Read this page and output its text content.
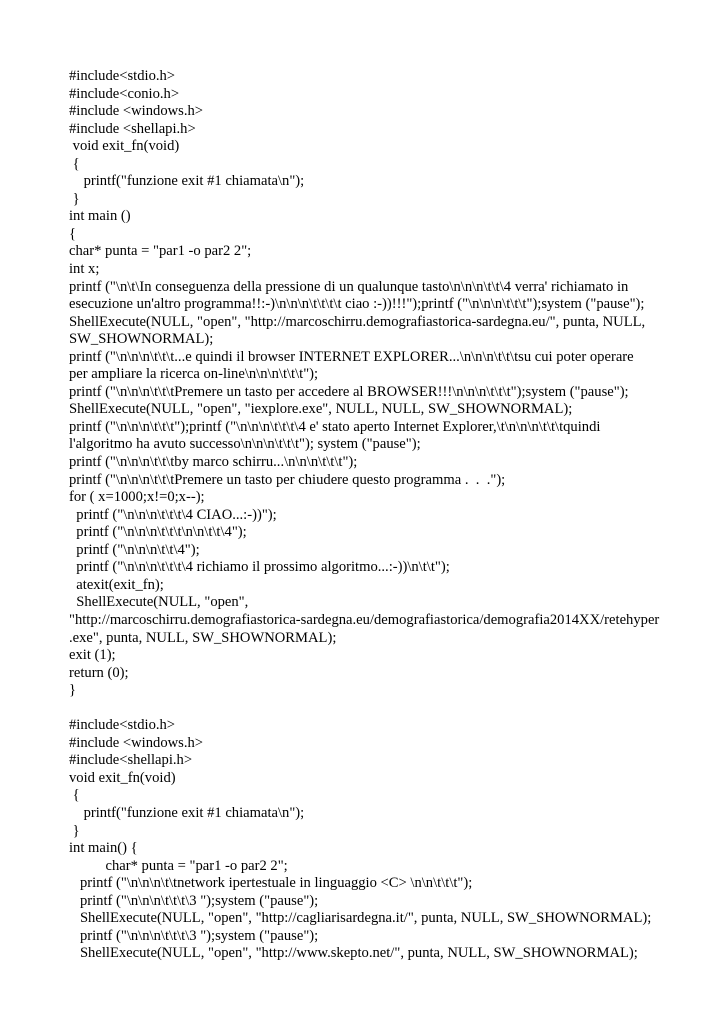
#include<stdio.h>
#include<conio.h>
#include <windows.h>
#include <shellapi.h>
void exit_fn(void)
{
printf("funzione exit #1 chiamata\n");
}
int main ()
{
char* punta = "par1 -o par2 2";
int x;
printf ("\n\t\In conseguenza della pressione di un qualunque tasto\n\n\n\t\t\4 verra' richiamato in
esecuzione un'altro programma!!:-)\n\n\n\t\t\t\t ciao :-))!!!");printf ("\n\n\n\t\t\t");system ("pause");
ShellExecute(NULL, "open", "http://marcoschirru.demografiastorica-sardegna.eu/", punta, NULL,
SW_SHOWNORMAL);
printf ("\n\n\n\t\t\t...e quindi il browser INTERNET EXPLORER...\n\n\n\t\t\tsu cui poter operare
per ampliare la ricerca on-line\n\n\n\t\t\t");
printf ("\n\n\n\t\t\tPremere un tasto per accedere al BROWSER!!!\n\n\n\t\t\t");system ("pause");
ShellExecute(NULL, "open", "iexplore.exe", NULL, NULL, SW_SHOWNORMAL);
printf ("\n\n\n\t\t\t");printf ("\n\n\n\t\t\t\4 e' stato aperto Internet Explorer,\t\n\n\n\t\t\tquindi
l'algoritmo ha avuto successo\n\n\n\t\t\t"); system ("pause");
printf ("\n\n\n\t\t\tby marco schirru...\n\n\n\t\t\t");
printf ("\n\n\n\t\t\tPremere un tasto per chiudere questo programma .  .  .");
for ( x=1000;x!=0;x--);
printf ("\n\n\n\t\t\t\4 CIAO...:-))");
printf ("\n\n\n\t\t\t\n\n\t\t\4");
printf ("\n\n\n\t\t\4");
printf ("\n\n\n\t\t\t\4 richiamo il prossimo algoritmo...:-))\n\t\t");
atexit(exit_fn);
ShellExecute(NULL, "open",
"http://marcoschirru.demografiastorica-sardegna.eu/demografiastorica/demografia2014XX/retehyper
.exe", punta, NULL, SW_SHOWNORMAL);
exit (1);
return (0);
}
#include<stdio.h>
#include <windows.h>
#include<shellapi.h>
void exit_fn(void)
{
printf("funzione exit #1 chiamata\n");
}
int main() {
char* punta = "par1 -o par2 2";
printf ("\n\n\n\t\tnetwork ipertestuale in linguaggio <C> \n\n\t\t\t");
printf ("\n\n\n\t\t\t\3 ");system ("pause");
ShellExecute(NULL, "open", "http://cagliarisardegna.it/", punta, NULL, SW_SHOWNORMAL);
printf ("\n\n\n\t\t\t\3 ");system ("pause");
ShellExecute(NULL, "open", "http://www.skepto.net/", punta, NULL, SW_SHOWNORMAL);
